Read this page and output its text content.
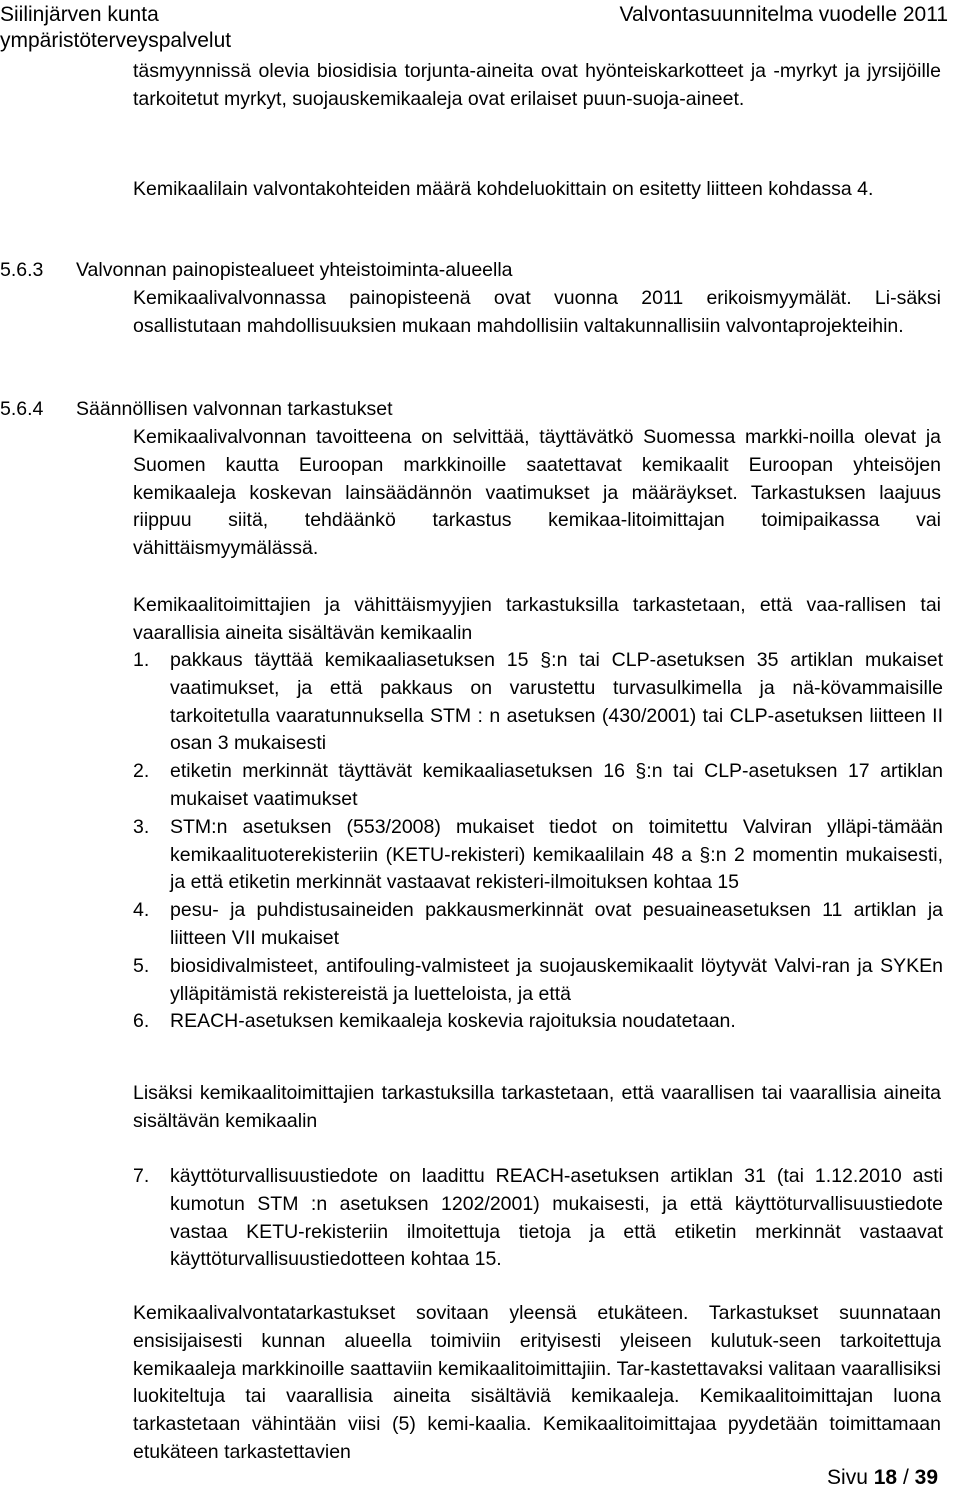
Siilinjärven kunta
ympäristöterveyspalvelut
Valvontasuunnitelma vuodelle 2011

täsmyynnissä olevia biosidisia torjunta-aineita ovat hyönteiskarkotteet ja -myrkyt ja jyrsijöille tarkoitetut myrkyt, suojauskemikaaleja ovat erilaiset puun-suoja-aineet.

Kemikaalilain valvontakohteiden määrä kohdeluokittain on esitetty liitteen kohdassa 4.

5.6.3 Valvonnan painopistealueet yhteistoiminta-alueella

Kemikaalivalvonnassa painopisteenä ovat vuonna 2011 erikoismyymälät. Li-säksi osallistutaan mahdollisuuksien mukaan mahdollisiin valtakunnallisiin valvontaprojekteihin.

5.6.4 Säännöllisen valvonnan tarkastukset

Kemikaalivalvonnan tavoitteena on selvittää, täyttävätkö Suomessa markki-noilla olevat ja Suomen kautta Euroopan markkinoille saatettavat kemikaalit Euroopan yhteisöjen kemikaaleja koskevan lainsäädännön vaatimukset ja määräykset. Tarkastuksen laajuus riippuu siitä, tehdäänkö tarkastus kemikaa-litoimittajan toimipaikassa vai vähittäismyymälässä.

Kemikaalitoimittajien ja vähittäismyyjien tarkastuksilla tarkastetaan, että vaa-rallisen tai vaarallisia aineita sisältävän kemikaalin

1. pakkaus täyttää kemikaaliasetuksen 15 §:n tai CLP-asetuksen 35 artiklan mukaiset vaatimukset, ja että pakkaus on varustettu turvasulkimella ja nä-kövammaisille tarkoitetulla vaaratunnuksella STM : n asetuksen (430/2001) tai CLP-asetuksen liitteen II osan 3 mukaisesti
2. etiketin merkinnät täyttävät kemikaaliasetuksen 16 §:n tai CLP-asetuksen 17 artiklan mukaiset vaatimukset
3. STM:n asetuksen (553/2008) mukaiset tiedot on toimitettu Valviran ylläpi-tämään kemikaalituoterekisteriin (KETU-rekisteri) kemikaalilain 48 a §:n 2 momentin mukaisesti, ja että etiketin merkinnät vastaavat rekisteri-ilmoituksen kohtaa 15
4. pesu- ja puhdistusaineiden pakkausmerkinnät ovat pesuaineasetuksen 11 artiklan ja liitteen VII mukaiset
5. biosidivalmisteet, antifouling-valmisteet ja suojauskemikaalit löytyvät Valvi-ran ja SYKEn ylläpitämistä rekistereistä ja luetteloista, ja että
6. REACH-asetuksen kemikaaleja koskevia rajoituksia noudatetaan.

Lisäksi kemikaalitoimittajien tarkastuksilla tarkastetaan, että vaarallisen tai vaarallisia aineita sisältävän kemikaalin

7. käyttöturvallisuustiedote on laadittu REACH-asetuksen artiklan 31 (tai 1.12.2010 asti kumotun STM :n asetuksen 1202/2001) mukaisesti, ja että käyttöturvallisuustiedote vastaa KETU-rekisteriin ilmoitettuja tietoja ja että etiketin merkinnät vastaavat käyttöturvallisuustiedotteen kohtaa 15.

Kemikaalivalvontatarkastukset sovitaan yleensä etukäteen. Tarkastukset suunnataan ensisijaisesti kunnan alueella toimiviin erityisesti yleiseen kulutuk-seen tarkoitettuja kemikaaleja markkinoille saattaviin kemikaalitoimittajiin. Tar-kastettavaksi valitaan vaarallisiksi luokiteltuja tai vaarallisia aineita sisältäviä kemikaaleja. Kemikaalitoimittajan luona tarkastetaan vähintään viisi (5) kemi-kaalia. Kemikaalitoimittajaa pyydetään toimittamaan etukäteen tarkastettavien

Sivu 18 / 39
